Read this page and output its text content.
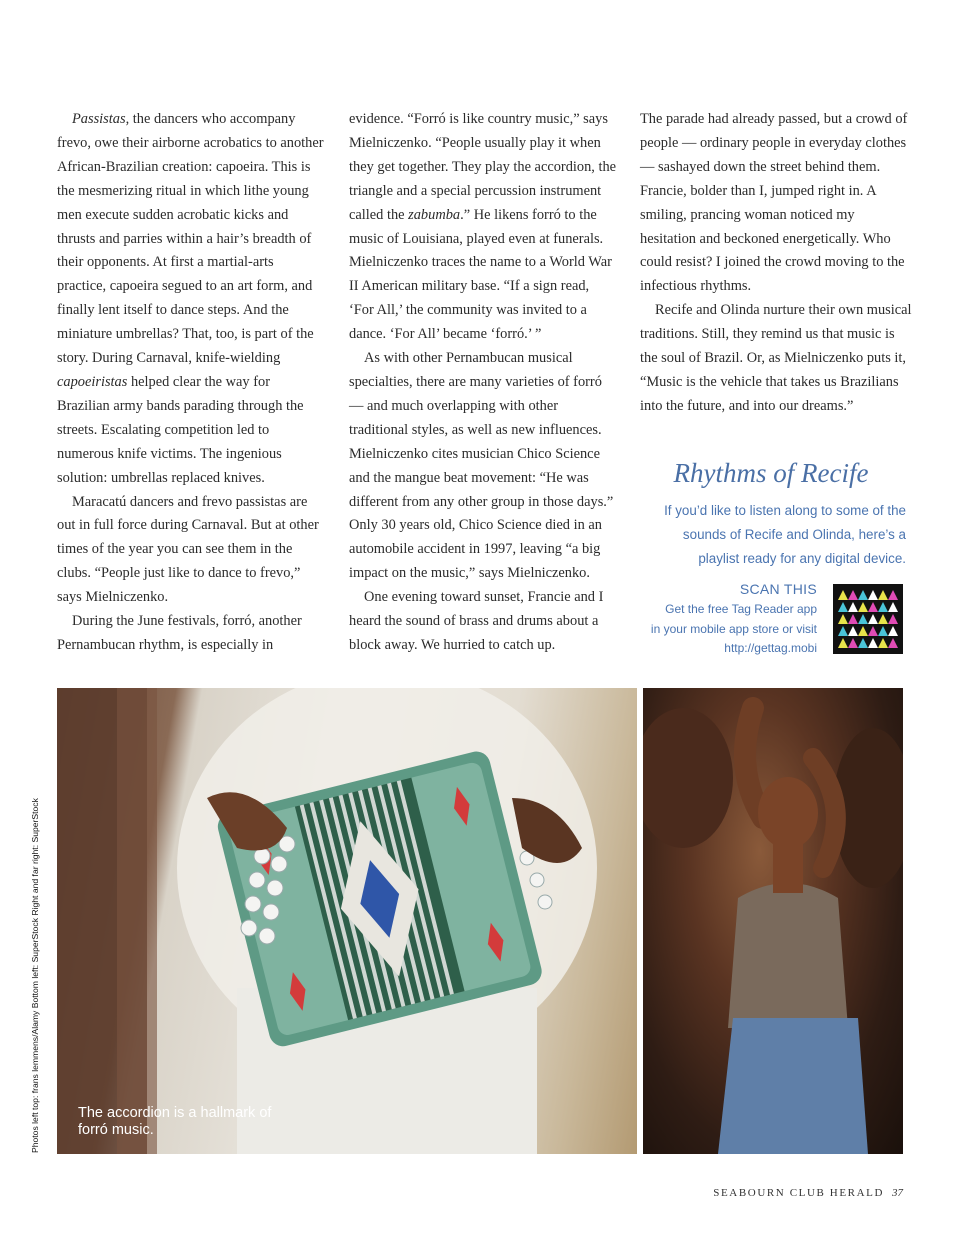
Passistas, the dancers who accompany frevo, owe their airborne acrobatics to another African-Brazilian creation: capoeira. This is the mesmerizing ritual in which lithe young men execute sudden acrobatic kicks and thrusts and parries within a hair’s breadth of their opponents. At first a martial-arts practice, capoeira segued to an art form, and finally lent itself to dance steps. And the miniature umbrellas? That, too, is part of the story. During Carnaval, knife-wielding capoeiristas helped clear the way for Brazilian army bands parading through the streets. Escalating competition led to numerous knife victims. The ingenious solution: umbrellas replaced knives.

Maracatú dancers and frevo passistas are out in full force during Carnaval. But at other times of the year you can see them in the clubs. “People just like to dance to frevo,” says Mielniczenko.

During the June festivals, forró, another Pernambucan rhythm, is especially in

evidence. “Forró is like country music,” says Mielniczenko. “People usually play it when they get together. They play the accordion, the triangle and a special percussion instrument called the zabumba.” He likens forró to the music of Louisiana, played even at funerals. Mielniczenko traces the name to a World War II American military base. “If a sign read, ‘For All,’ the community was invited to a dance. ‘For All’ became ‘forró.’ ”

As with other Pernambucan musical specialties, there are many varieties of forró — and much overlapping with other traditional styles, as well as new influences. Mielniczenko cites musician Chico Science and the mangue beat movement: “He was different from any other group in those days.” Only 30 years old, Chico Science died in an automobile accident in 1997, leaving “a big impact on the music,” says Mielniczenko.

One evening toward sunset, Francie and I heard the sound of brass and drums about a block away. We hurried to catch up.

The parade had already passed, but a crowd of people — ordinary people in everyday clothes — sashayed down the street behind them. Francie, bolder than I, jumped right in. A smiling, prancing woman noticed my hesitation and beckoned energetically. Who could resist? I joined the crowd moving to the infectious rhythms.

Recife and Olinda nurture their own musical traditions. Still, they remind us that music is the soul of Brazil. Or, as Mielniczenko puts it, “Music is the vehicle that takes us Brazilians into the future, and into our dreams.”

Rhythms of Recife
If you’d like to listen along to some of the sounds of Recife and Olinda, here’s a playlist ready for any digital device.
SCAN THIS
Get the free Tag Reader app
in your mobile app store or visit
http://gettag.mobi
The accordion is a hallmark of forró music.
Photos left top: frans lemmens/Alamy Bottom left: SuperStock Right and far right: SuperStock
SEABOURN CLUB HERALD 37
